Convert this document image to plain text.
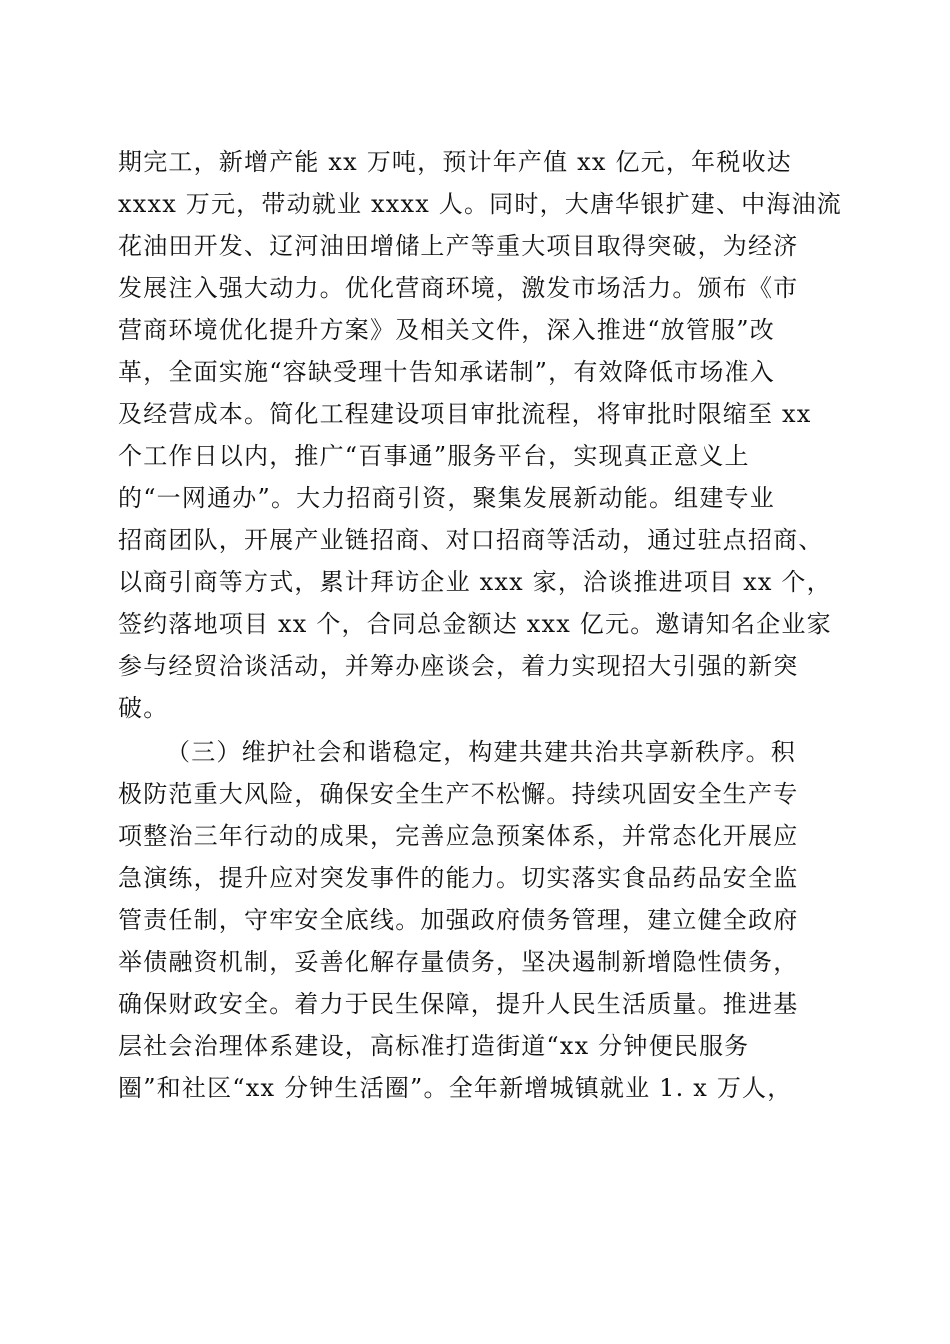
期完工，新增产能 xx 万吨，预计年产值 xx 亿元，年税收达
xxxx 万元，带动就业 xxxx 人。同时，大唐华银扩建、中海油流
花油田开发、辽河油田增储上产等重大项目取得突破，为经济
发展注入强大动力。优化营商环境，激发市场活力。颁布《市
营商环境优化提升方案》及相关文件，深入推进“放管服”改
革，全面实施“容缺受理十告知承诺制”，有效降低市场准入
及经营成本。简化工程建设项目审批流程，将审批时限缩至 xx
个工作日以内，推广“百事通”服务平台，实现真正意义上
的“一网通办”。大力招商引资，聚集发展新动能。组建专业
招商团队，开展产业链招商、对口招商等活动，通过驻点招商、
以商引商等方式，累计拜访企业 xxx 家，洽谈推进项目 xx 个，
签约落地项目 xx 个，合同总金额达 xxx 亿元。邀请知名企业家
参与经贸洽谈活动，并筹办座谈会，着力实现招大引强的新突
破。
（三）维护社会和谐稳定，构建共建共治共享新秩序。积
极防范重大风险，确保安全生产不松懈。持续巩固安全生产专
项整治三年行动的成果，完善应急预案体系，并常态化开展应
急演练，提升应对突发事件的能力。切实落实食品药品安全监
管责任制，守牢安全底线。加强政府债务管理，建立健全政府
举债融资机制，妥善化解存量债务，坚决遏制新增隐性债务，
确保财政安全。着力于民生保障，提升人民生活质量。推进基
层社会治理体系建设，高标准打造街道“xx 分钟便民服务
圈”和社区“xx 分钟生活圈”。全年新增城镇就业 1. x 万人，
